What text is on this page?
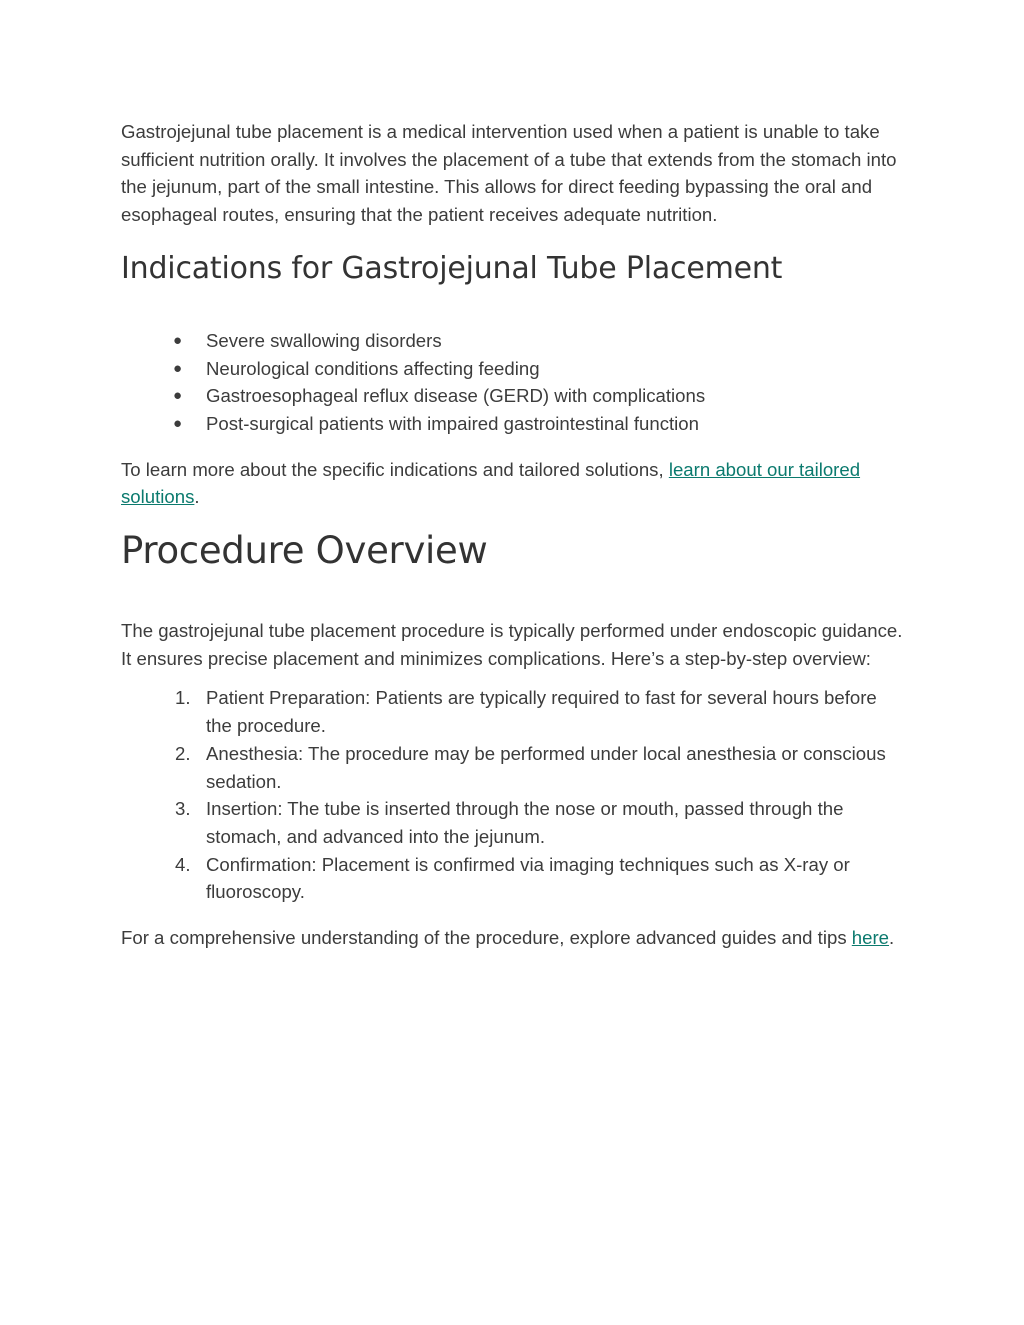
Gastrojejunal tube placement is a medical intervention used when a patient is unable to take sufficient nutrition orally. It involves the placement of a tube that extends from the stomach into the jejunum, part of the small intestine. This allows for direct feeding bypassing the oral and esophageal routes, ensuring that the patient receives adequate nutrition.

Indications for Gastrojejunal Tube Placement
● Severe swallowing disorders
● Neurological conditions affecting feeding
● Gastroesophageal reflux disease (GERD) with complications
● Post-surgical patients with impaired gastrointestinal function

To learn more about the specific indications and tailored solutions, learn about our tailored solutions.

Procedure Overview

The gastrojejunal tube placement procedure is typically performed under endoscopic guidance. It ensures precise placement and minimizes complications. Here’s a step-by-step overview:

1. Patient Preparation: Patients are typically required to fast for several hours before the procedure.
2. Anesthesia: The procedure may be performed under local anesthesia or conscious sedation.
3. Insertion: The tube is inserted through the nose or mouth, passed through the stomach, and advanced into the jejunum.
4. Confirmation: Placement is confirmed via imaging techniques such as X-ray or fluoroscopy.

For a comprehensive understanding of the procedure, explore advanced guides and tips here.
